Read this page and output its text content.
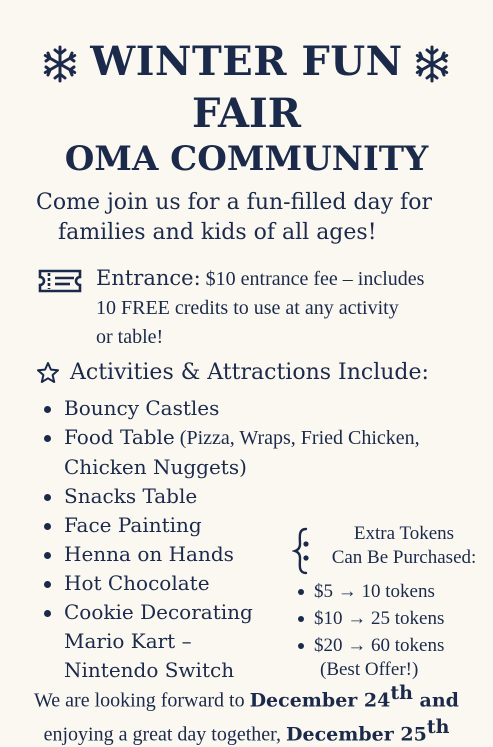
WINTER FUN
FAIR
OMA COMMUNITY
Come join us for a fun-filled day for
families and kids of all ages!
Entrance: $10 entrance fee – includes
10 FREE credits to use at any activity
or table!
Activities & Attractions Include:
Bouncy Castles
Food Table (Pizza, Wraps, Fried Chicken,
Chicken Nuggets)
Snacks Table
Face Painting
Henna on Hands
Hot Chocolate
Cookie Decorating
Mario Kart –
Nintendo Switch
Extra Tokens
Can Be Purchased:
$5 → 10 tokens
$10 → 25 tokens
$20 → 60 tokens
(Best Offer!)
We are looking forward to December 24th and
enjoying a great day together, December 25th
